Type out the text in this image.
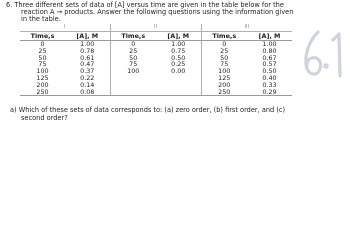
6. Three different sets of data of [A] versus time are given in the table below for the
reaction A → products. Answer the following questions using the information given
in the table.
I		II		III	
Time,s	[A], M	Time,s	[A], M	Time,s	[A], M
0	1.00	0	1.00	0	1.00
25	0.78	25	0.75	25	0.80
50	0.61	50	0.50	50	0.67
75	0.47	75	0.25	75	0.57
100	0.37	100	0.00	100	0.50
125	0.22			125	0.40
200	0.14			200	0.33
250	0.08			250	0.29
a) Which of these sets of data corresponds to: (a) zero order, (b) first order, and (c)
second order?
